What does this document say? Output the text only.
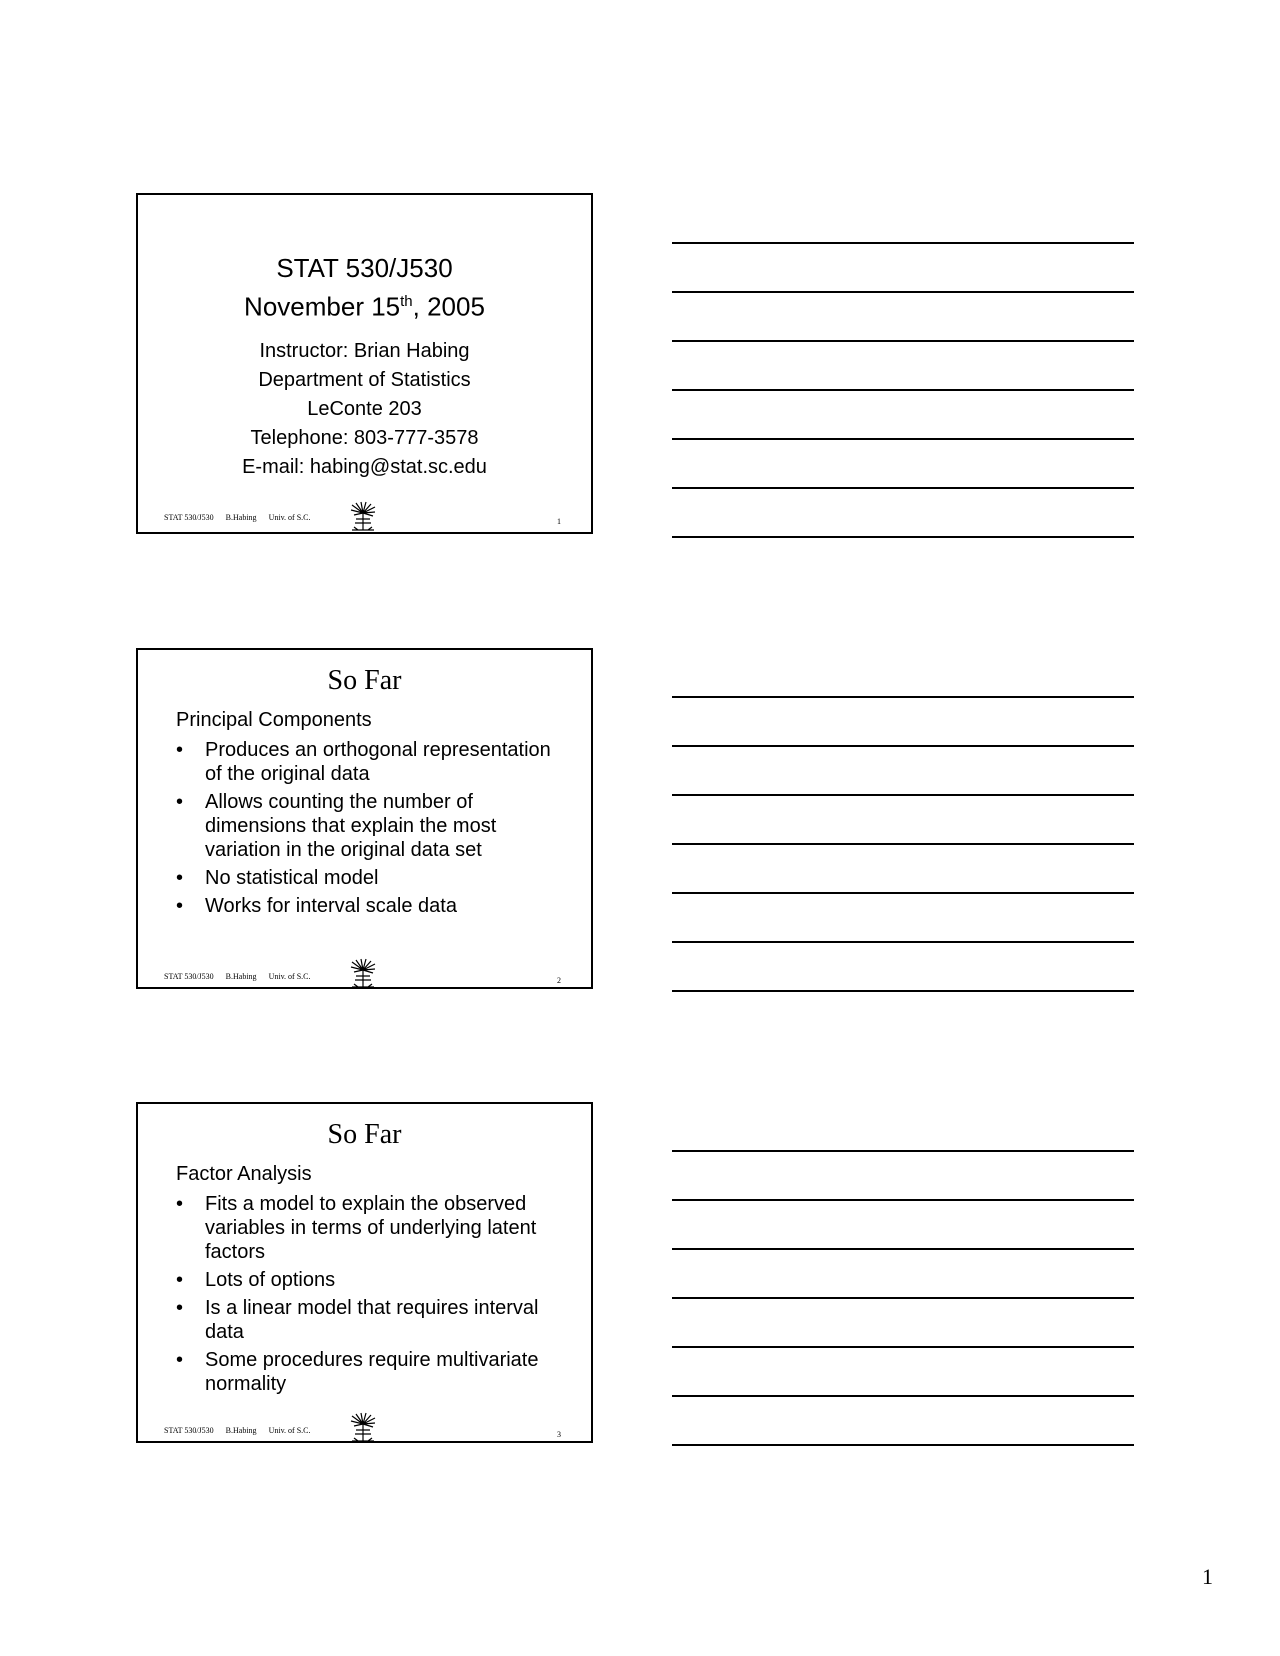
STAT 530/J530
November 15th, 2005
Instructor: Brian Habing
Department of Statistics
LeConte 203
Telephone: 803-777-3578
E-mail: habing@stat.sc.edu
STAT 530/J530 B.Habing Univ. of S.C.	1
So Far
Principal Components
• Produces an orthogonal representation of the original data
• Allows counting the number of dimensions that explain the most variation in the original data set
• No statistical model
• Works for interval scale data
STAT 530/J530 B.Habing Univ. of S.C.	2
So Far
Factor Analysis
• Fits a model to explain the observed variables in terms of underlying latent factors
• Lots of options
• Is a linear model that requires interval data
• Some procedures require multivariate normality
STAT 530/J530 B.Habing Univ. of S.C.	3
1
